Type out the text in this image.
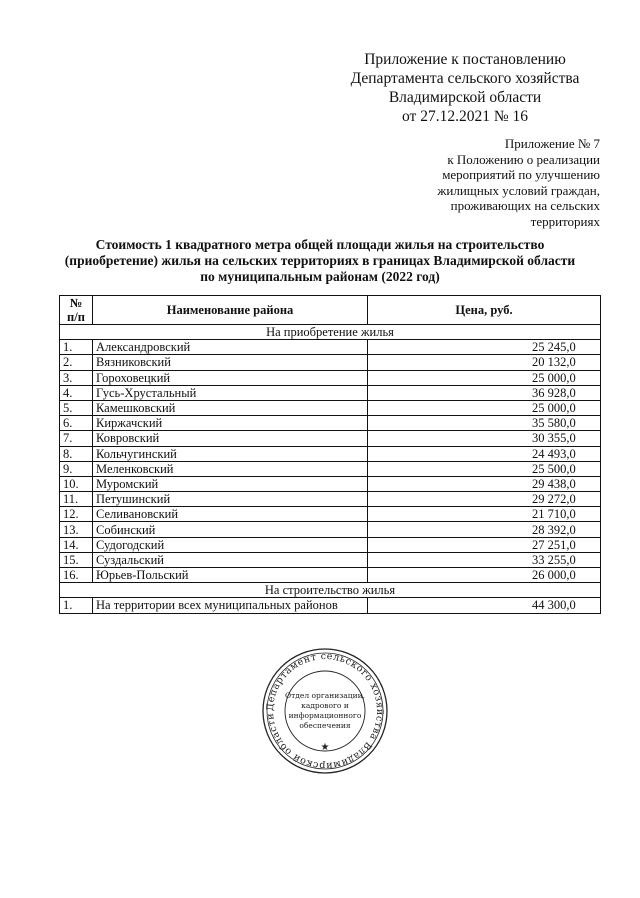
Приложение к постановлению
Департамента сельского хозяйства
Владимирской области
от 27.12.2021 № 16
Приложение № 7
к Положению о реализации
мероприятий по улучшению
жилищных условий граждан,
проживающих на сельских
территориях
Стоимость 1 квадратного метра общей площади жилья на строительство
(приобретение) жилья на сельских территориях в границах Владимирской области
по муниципальным районам (2022 год)
№
п/п	Наименование района	Цена, руб.
На приобретение жилья		
1.	Александровский	25 245,0
2.	Вязниковский	20 132,0
3.	Гороховецкий	25 000,0
4.	Гусь-Хрустальный	36 928,0
5.	Камешковский	25 000,0
6.	Киржачский	35 580,0
7.	Ковровский	30 355,0
8.	Кольчугинский	24 493,0
9.	Меленковский	25 500,0
10.	Муромский	29 438,0
11.	Петушинский	29 272,0
12.	Селивановский	21 710,0
13.	Собинский	28 392,0
14.	Судогодский	27 251,0
15.	Суздальский	33 255,0
16.	Юрьев-Польский	26 000,0
На строительство жилья		
1.	На территории всех муниципальных районов	44 300,0
Департамент сельского хозяйства Владимирской области
Отдел организации,
кадрового и
информационного
обеспечения
★
